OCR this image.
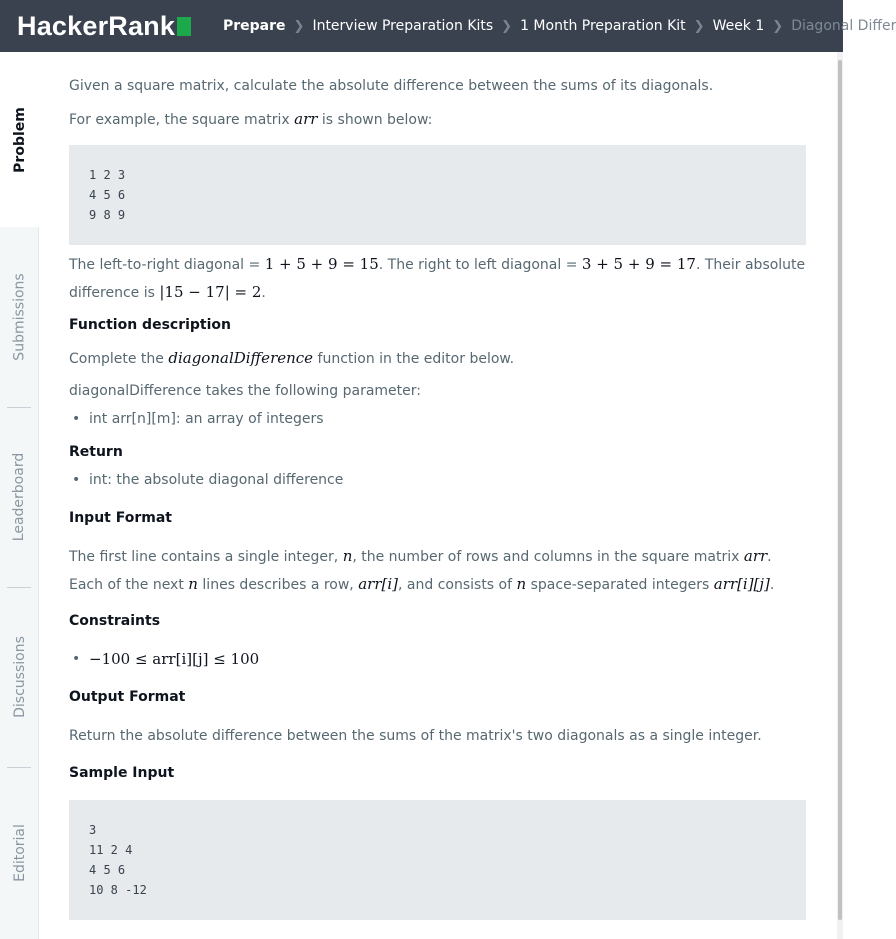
HackerRank	Prepare ❯ Interview Preparation Kits ❯ 1 Month Preparation Kit ❯ Week 1 ❯ Diagonal Differ
Problem
Submissions
Leaderboard
Discussions
Editorial
Given a square matrix, calculate the absolute difference between the sums of its diagonals.
For example, the square matrix arr is shown below:
1 2 3
4 5 6
9 8 9
The left-to-right diagonal = 1 + 5 + 9 = 15. The right to left diagonal = 3 + 5 + 9 = 17. Their absolute
difference is |15 − 17| = 2.
Function description
Complete the diagonalDifference function in the editor below.
diagonalDifference takes the following parameter:
• int arr[n][m]: an array of integers
Return
• int: the absolute diagonal difference
Input Format
The first line contains a single integer, n, the number of rows and columns in the square matrix arr.
Each of the next n lines describes a row, arr[i], and consists of n space-separated integers arr[i][j].
Constraints
• −100 ≤ arr[i][j] ≤ 100
Output Format
Return the absolute difference between the sums of the matrix's two diagonals as a single integer.
Sample Input
3
11 2 4
4 5 6
10 8 -12
